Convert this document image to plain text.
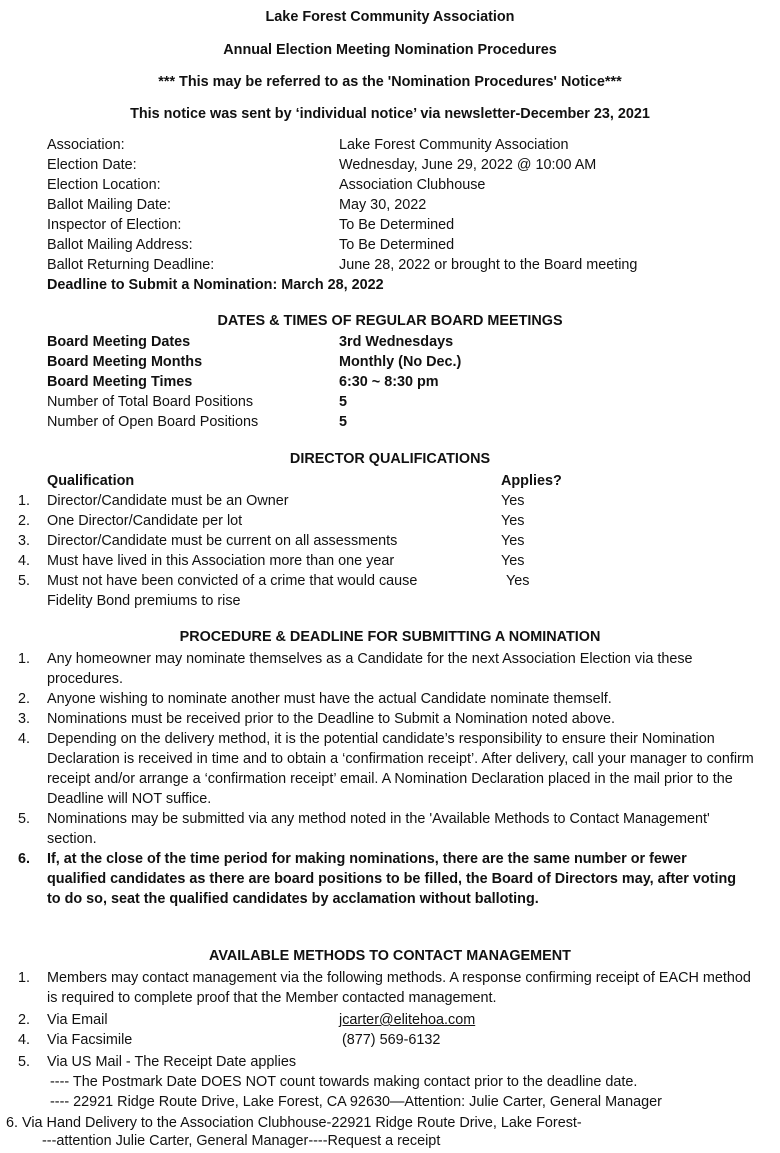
Lake Forest Community Association
Annual Election Meeting Nomination Procedures
*** This may be referred to as the 'Nomination Procedures' Notice***
This notice was sent by ‘individual notice’ via newsletter-December 23, 2021
Association:	Lake Forest Community Association
Election Date:	Wednesday, June 29, 2022 @ 10:00 AM
Election Location:	Association Clubhouse
Ballot Mailing Date:	May 30, 2022
Inspector of Election:	To Be Determined
Ballot Mailing Address:	To Be Determined
Ballot Returning Deadline:	June 28, 2022 or brought to the Board meeting
Deadline to Submit a Nomination: March 28, 2022
DATES & TIMES OF REGULAR BOARD MEETINGS
Board Meeting Dates	3rd Wednesdays
Board Meeting Months	Monthly (No Dec.)
Board Meeting Times	6:30 ~ 8:30 pm
Number of Total Board Positions	5
Number of Open Board Positions	5
DIRECTOR QUALIFICATIONS
Qualification	Applies?
1. Director/Candidate must be an Owner	Yes
2. One Director/Candidate per lot	Yes
3. Director/Candidate must be current on all assessments	Yes
4. Must have lived in this Association more than one year	Yes
5. Must not have been convicted of a crime that would cause	Yes
Fidelity Bond premiums to rise
PROCEDURE & DEADLINE FOR SUBMITTING A NOMINATION
1. Any homeowner may nominate themselves as a Candidate for the next Association Election via these procedures.
2. Anyone wishing to nominate another must have the actual Candidate nominate themself.
3. Nominations must be received prior to the Deadline to Submit a Nomination noted above.
4. Depending on the delivery method, it is the potential candidate’s responsibility to ensure their Nomination Declaration is received in time and to obtain a ‘confirmation receipt’. After delivery, call your manager to confirm receipt and/or arrange a ‘confirmation receipt’ email. A Nomination Declaration placed in the mail prior to the Deadline will NOT suffice.
5. Nominations may be submitted via any method noted in the 'Available Methods to Contact Management' section.
6. If, at the close of the time period for making nominations, there are the same number or fewer qualified candidates as there are board positions to be filled, the Board of Directors may, after voting to do so, seat the qualified candidates by acclamation without balloting.
AVAILABLE METHODS TO CONTACT MANAGEMENT
1. Members may contact management via the following methods. A response confirming receipt of EACH method is required to complete proof that the Member contacted management.
2. Via Email	jcarter@elitehoa.com
4. Via Facsimile	(877) 569-6132
5. Via US Mail - The Receipt Date applies
---- The Postmark Date DOES NOT count towards making contact prior to the deadline date.
---- 22921 Ridge Route Drive, Lake Forest, CA 92630—Attention: Julie Carter, General Manager
6. Via Hand Delivery to the Association Clubhouse-22921 Ridge Route Drive, Lake Forest-
---attention Julie Carter, General Manager----Request a receipt
